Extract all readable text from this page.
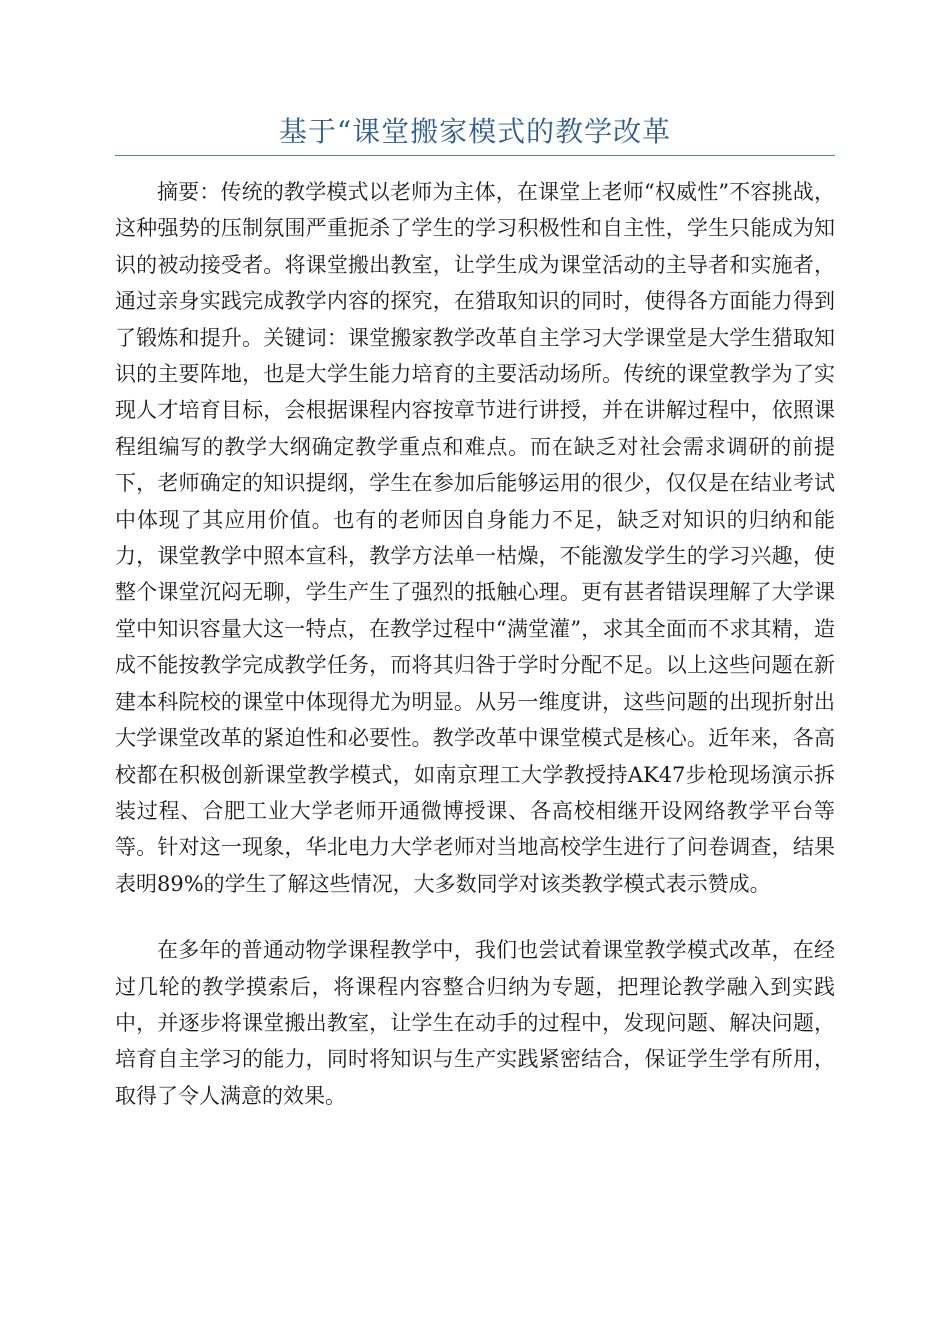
基于“课堂搬家模式的教学改革

摘要：传统的教学模式以老师为主体，在课堂上老师“权威性”不容挑战，这种强势的压制氛围严重扼杀了学生的学习积极性和自主性，学生只能成为知识的被动接受者。将课堂搬出教室，让学生成为课堂活动的主导者和实施者，通过亲身实践完成教学内容的探究，在猎取知识的同时，使得各方面能力得到了锻炼和提升。关键词：课堂搬家教学改革自主学习大学课堂是大学生猎取知识的主要阵地，也是大学生能力培育的主要活动场所。传统的课堂教学为了实现人才培育目标，会根据课程内容按章节进行讲授，并在讲解过程中，依照课程组编写的教学大纲确定教学重点和难点。而在缺乏对社会需求调研的前提下，老师确定的知识提纲，学生在参加后能够运用的很少，仅仅是在结业考试中体现了其应用价值。也有的老师因自身能力不足，缺乏对知识的归纳和能力，课堂教学中照本宣科，教学方法单一枯燥，不能激发学生的学习兴趣，使整个课堂沉闷无聊，学生产生了强烈的抵触心理。更有甚者错误理解了大学课堂中知识容量大这一特点，在教学过程中“满堂灌”，求其全面而不求其精，造成不能按教学完成教学任务，而将其归咎于学时分配不足。以上这些问题在新建本科院校的课堂中体现得尤为明显。从另一维度讲，这些问题的出现折射出大学课堂改革的紧迫性和必要性。教学改革中课堂模式是核心。近年来，各高校都在积极创新课堂教学模式，如南京理工大学教授持AK47步枪现场演示拆装过程、合肥工业大学老师开通微博授课、各高校相继开设网络教学平台等等。针对这一现象，华北电力大学老师对当地高校学生进行了问卷调查，结果表明89%的学生了解这些情况，大多数同学对该类教学模式表示赞成。

在多年的普通动物学课程教学中，我们也尝试着课堂教学模式改革，在经过几轮的教学摸索后，将课程内容整合归纳为专题，把理论教学融入到实践中，并逐步将课堂搬出教室，让学生在动手的过程中，发现问题、解决问题，培育自主学习的能力，同时将知识与生产实践紧密结合，保证学生学有所用，取得了令人满意的效果。
